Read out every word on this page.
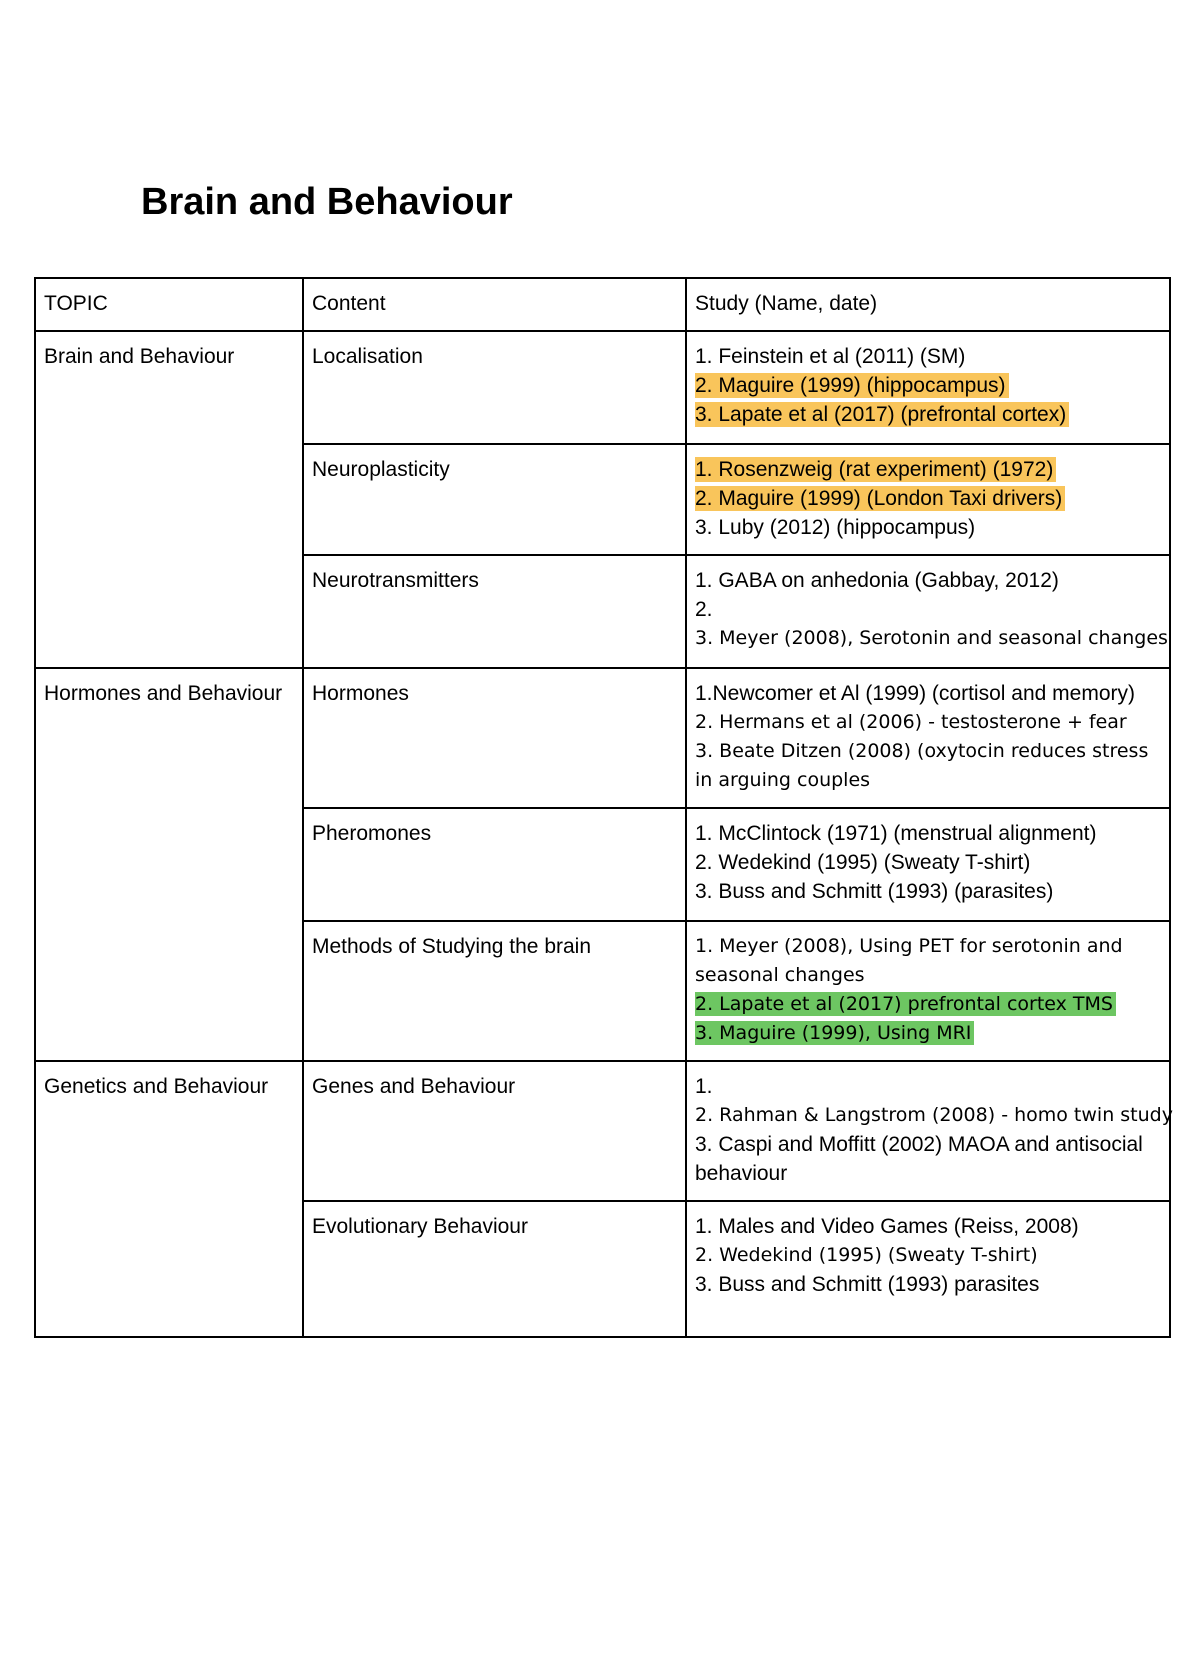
Brain and Behaviour
TOPIC	Content	Study (Name, date)
Brain and Behaviour	Localisation	1. Feinstein et al (2011) (SM)
2. Maguire (1999) (hippocampus)
3. Lapate et al (2017) (prefrontal cortex)

	Neuroplasticity	1. Rosenzweig (rat experiment) (1972)
2. Maguire (1999) (London Taxi drivers)
3. Luby (2012) (hippocampus)

	Neurotransmitters	1. GABA on anhedonia (Gabbay, 2012)
2.
3. Meyer (2008), Serotonin and seasonal changes

Hormones and Behaviour	Hormones	1.Newcomer et Al (1999) (cortisol and memory)
2. Hermans et al (2006) - testosterone + fear
3. Beate Ditzen (2008) (oxytocin reduces stress in arguing couples

	Pheromones	1. McClintock (1971) (menstrual alignment)
2. Wedekind (1995) (Sweaty T-shirt)
3. Buss and Schmitt (1993) (parasites)

	Methods of Studying the brain	1. Meyer (2008), Using PET for serotonin and seasonal changes
2. Lapate et al (2017) prefrontal cortex TMS
3. Maguire (1999), Using MRI

Genetics and Behaviour	Genes and Behaviour	1.
2. Rahman & Langstrom (2008) - homo twin study
3. Caspi and Moffitt (2002) MAOA and antisocial behaviour

	Evolutionary Behaviour	1. Males and Video Games (Reiss, 2008)
2. Wedekind (1995) (Sweaty T-shirt)
3. Buss and Schmitt (1993) parasites
